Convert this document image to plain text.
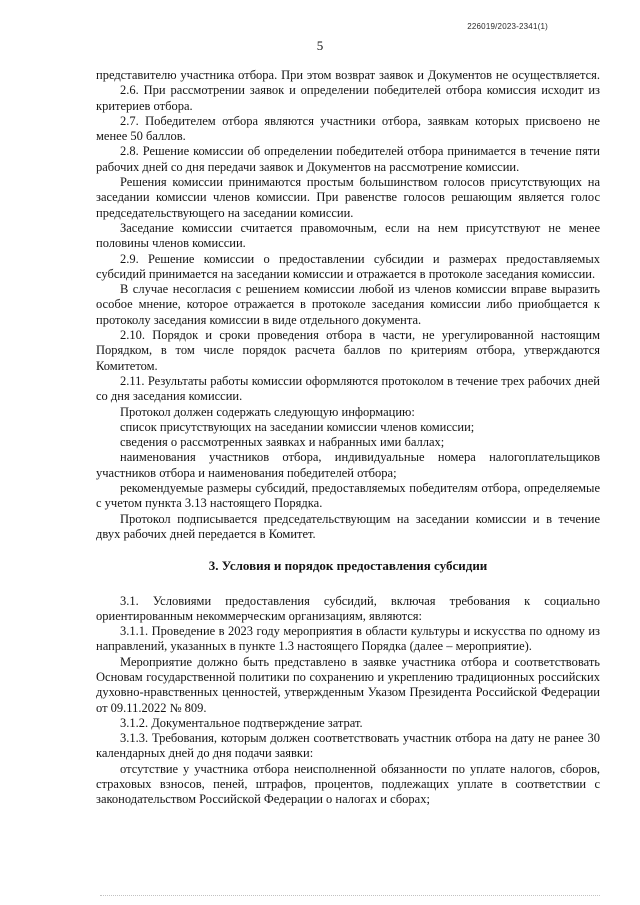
226019/2023-2341(1)
5

представителю участника отбора. При этом возврат заявок и Документов не осуществляется.

2.6. При рассмотрении заявок и определении победителей отбора комиссия исходит из критериев отбора.

2.7. Победителем отбора являются участники отбора, заявкам которых присвоено не менее 50 баллов.

2.8. Решение комиссии об определении победителей отбора принимается в течение пяти рабочих дней со дня передачи заявок и Документов на рассмотрение комиссии.

Решения комиссии принимаются простым большинством голосов присутствующих на заседании комиссии членов комиссии. При равенстве голосов решающим является голос председательствующего на заседании комиссии.

Заседание комиссии считается правомочным, если на нем присутствуют не менее половины членов комиссии.

2.9. Решение комиссии о предоставлении субсидии и размерах предоставляемых субсидий принимается на заседании комиссии и отражается в протоколе заседания комиссии.

В случае несогласия с решением комиссии любой из членов комиссии вправе выразить особое мнение, которое отражается в протоколе заседания комиссии либо приобщается к протоколу заседания комиссии в виде отдельного документа.

2.10. Порядок и сроки проведения отбора в части, не урегулированной настоящим Порядком, в том числе порядок расчета баллов по критериям отбора, утверждаются Комитетом.

2.11. Результаты работы комиссии оформляются протоколом в течение трех рабочих дней со дня заседания комиссии.

Протокол должен содержать следующую информацию:

список присутствующих на заседании комиссии членов комиссии;

сведения о рассмотренных заявках и набранных ими баллах;

наименования участников отбора, индивидуальные номера налогоплательщиков участников отбора и наименования победителей отбора;

рекомендуемые размеры субсидий, предоставляемых победителям отбора, определяемые с учетом пункта 3.13 настоящего Порядка.

Протокол подписывается председательствующим на заседании комиссии и в течение двух рабочих дней передается в Комитет.

3. Условия и порядок предоставления субсидии

3.1. Условиями предоставления субсидий, включая требования к социально ориентированным некоммерческим организациям, являются:

3.1.1. Проведение в 2023 году мероприятия в области культуры и искусства по одному из направлений, указанных в пункте 1.3 настоящего Порядка (далее – мероприятие).

Мероприятие должно быть представлено в заявке участника отбора и соответствовать Основам государственной политики по сохранению и укреплению традиционных российских духовно-нравственных ценностей, утвержденным Указом Президента Российской Федерации от 09.11.2022 № 809.

3.1.2. Документальное подтверждение затрат.

3.1.3. Требования, которым должен соответствовать участник отбора на дату не ранее 30 календарных дней до дня подачи заявки:

отсутствие у участника отбора неисполненной обязанности по уплате налогов, сборов, страховых взносов, пеней, штрафов, процентов, подлежащих уплате в соответствии с законодательством Российской Федерации о налогах и сборах;
